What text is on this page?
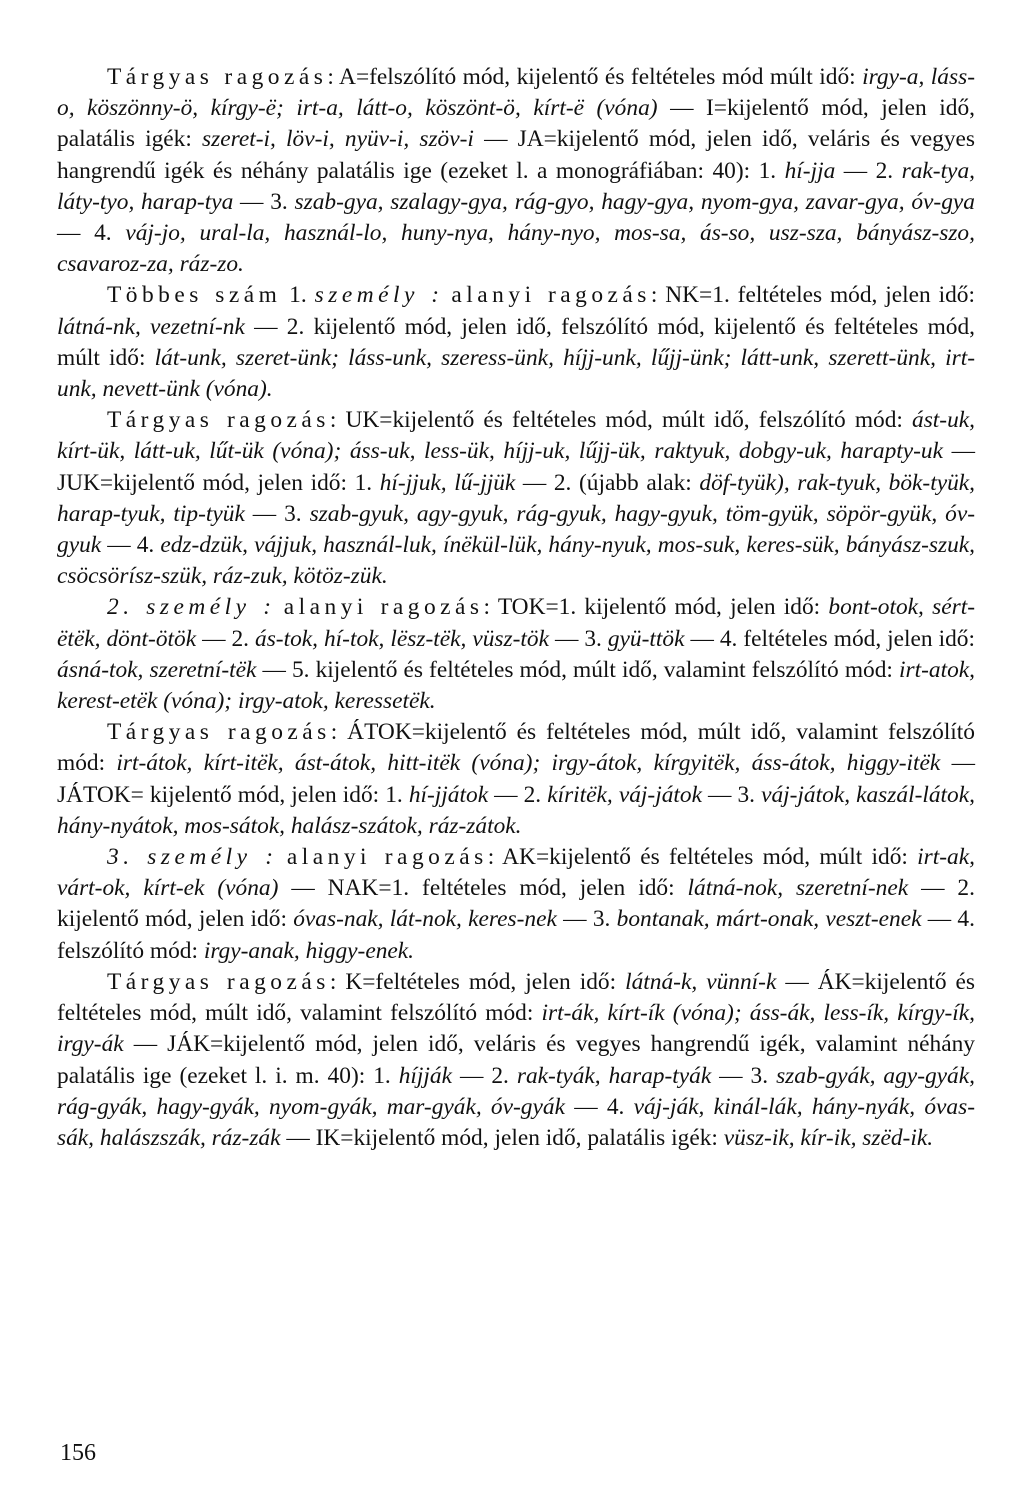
Tárgyas ragozás: A=felszólító mód, kijelentő és feltételes mód múlt idő: irgy-a, láss-o, köszönny-ö, kírgy-ë; irt-a, látt-o, köszönt-ö, kírt-ë (vóna) — I=kijelentő mód, jelen idő, palatális igék: szeret-i, löv-i, nyüv-i, szöv-i — JA=kijelentő mód, jelen idő, veláris és vegyes hangrendű igék és néhány palatális ige (ezeket l. a monográfiában: 40): 1. hí-jja — 2. rak-tya, láty-tyo, harap-tya — 3. szab-gya, szalagy-gya, rág-gyo, hagy-gya, nyom-gya, zavar-gya, óv-gya — 4. váj-jo, ural-la, használ-lo, huny-nya, hány-nyo, mos-sa, ás-so, usz-sza, bányász-szo, csavaroz-za, ráz-zo.

Többes szám 1. személy : alanyi ragozás: NK=1. feltételes mód, jelen idő: látná-nk, vezetní-nk — 2. kijelentő mód, jelen idő, felszólító mód, kijelentő és feltételes mód, múlt idő: lát-unk, szeret-ünk; láss-unk, szeress-ünk, híjj-unk, lűjj-ünk; látt-unk, szerett-ünk, irt-unk, nevett-ünk (vóna).

Tárgyas ragozás: UK=kijelentő és feltételes mód, múlt idő, felszólító mód: ást-uk, kírt-ük, látt-uk, lűt-ük (vóna); áss-uk, less-ük, híjj-uk, lűjj-ük, raktyuk, dobgy-uk, harapty-uk — JUK=kijelentő mód, jelen idő: 1. hí-jjuk, lű-jjük — 2. (újabb alak: döf-tyük), rak-tyuk, bök-tyük, harap-tyuk, tip-tyük — 3. szab-gyuk, agy-gyuk, rág-gyuk, hagy-gyuk, töm-gyük, söpör-gyük, óv-gyuk — 4. edz-dzük, vájjuk, használ-luk, ínëkül-lük, hány-nyuk, mos-suk, keres-sük, bányász-szuk, csöcsörísz-szük, ráz-zuk, kötöz-zük.

2. személy : alanyi ragozás: TOK=1. kijelentő mód, jelen idő: bont-otok, sért-ëtëk, dönt-ötök — 2. ás-tok, hí-tok, lësz-tëk, vüsz-tök — 3. gyü-ttök — 4. feltételes mód, jelen idő: ásná-tok, szeretní-tëk — 5. kijelentő és feltételes mód, múlt idő, valamint felszólító mód: irt-atok, kerest-etëk (vóna); irgy-atok, keressetëk.

Tárgyas ragozás: ÁTOK=kijelentő és feltételes mód, múlt idő, valamint felszólító mód: irt-átok, kírt-itëk, ást-átok, hitt-itëk (vóna); irgy-átok, kírgyitëk, áss-átok, higgy-itëk — JÁTOK= kijelentő mód, jelen idő: 1. hí-jjátok — 2. kíritëk, váj-játok — 3. váj-játok, kaszál-látok, hány-nyátok, mos-sátok, halász-szátok, ráz-zátok.

3. személy : alanyi ragozás: AK=kijelentő és feltételes mód, múlt idő: irt-ak, várt-ok, kírt-ek (vóna) — NAK=1. feltételes mód, jelen idő: látná-nok, szeretní-nek — 2. kijelentő mód, jelen idő: óvas-nak, lát-nok, keres-nek — 3. bontanak, márt-onak, veszt-enek — 4. felszólító mód: irgy-anak, higgy-enek.

Tárgyas ragozás: K=feltételes mód, jelen idő: látná-k, vünní-k — ÁK=kijelentő és feltételes mód, múlt idő, valamint felszólító mód: irt-ák, kírt-ík (vóna); áss-ák, less-ík, kírgy-ík, irgy-ák — JÁK=kijelentő mód, jelen idő, veláris és vegyes hangrendű igék, valamint néhány palatális ige (ezeket l. i. m. 40): 1. híjják — 2. rak-tyák, harap-tyák — 3. szab-gyák, agy-gyák, rág-gyák, hagy-gyák, nyom-gyák, mar-gyák, óv-gyák — 4. váj-ják, kinál-lák, hány-nyák, óvas-sák, halászszák, ráz-zák — IK=kijelentő mód, jelen idő, palatális igék: vüsz-ik, kír-ik, szëd-ik.

156
